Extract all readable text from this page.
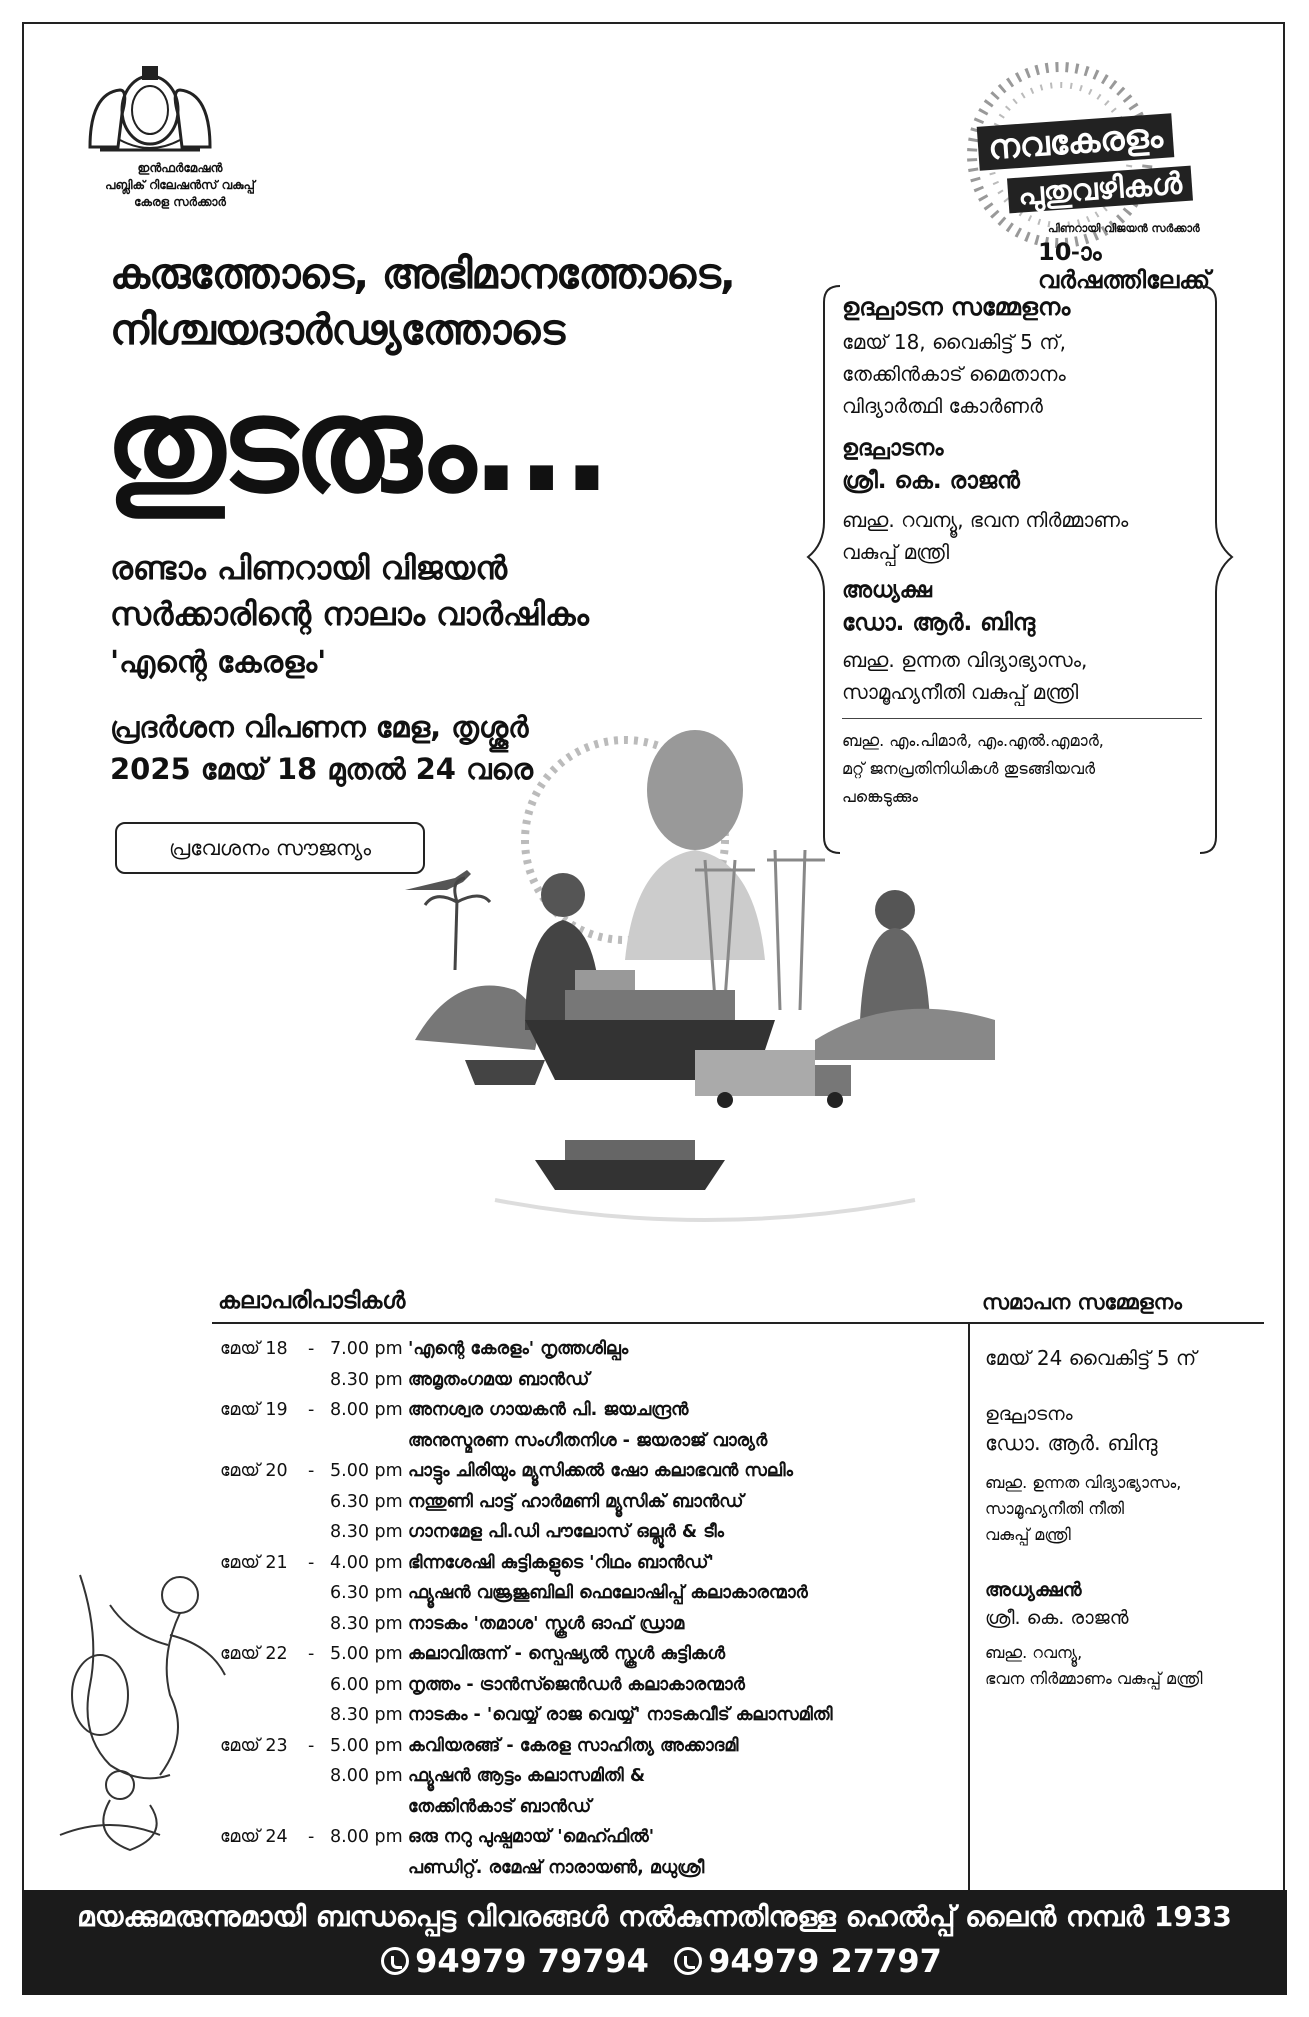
ഇൻഫർമേഷൻ
പബ്ലിക് റിലേഷൻസ് വകുപ്പ്
കേരള സർക്കാർ
നവകേരളം
പുതുവഴികൾ
പിണറായി വിജയൻ സർക്കാർ
10-ാം വർഷത്തിലേക്ക്
കരുത്തോടെ, അഭിമാനത്തോടെ,
നിശ്ചയദാർഢ്യത്തോടെ
തുടരും...
രണ്ടാം പിണറായി വിജയൻ
സർക്കാരിന്റെ നാലാം വാർഷികം
'എന്റെ കേരളം'
പ്രദർശന വിപണന മേള, തൃശ്ശൂർ
2025 മേയ് 18 മുതൽ 24 വരെ
പ്രവേശനം സൗജന്യം

ഉദ്ഘാടന സമ്മേളനം

മേയ് 18, വൈകിട്ട് 5 ന്,

തേക്കിൻകാട് മൈതാനം

വിദ്യാർത്ഥി കോർണർ

ഉദ്ഘാടനം

ശ്രീ. കെ. രാജൻ

ബഹു. റവന്യൂ, ഭവന നിർമ്മാണം

വകുപ്പ് മന്ത്രി

അധ്യക്ഷ

ഡോ. ആർ. ബിന്ദു

ബഹു. ഉന്നത വിദ്യാഭ്യാസം,

സാമൂഹ്യനീതി വകുപ്പ് മന്ത്രി

ബഹു. എം.പിമാർ, എം.എൽ.എമാർ,

മറ്റ് ജനപ്രതിനിധികൾ തുടങ്ങിയവർ

പങ്കെടുക്കും

കലാപരിപാടികൾ
മേയ് 18	- 7.00 pm 'എന്റെ കേരളം' നൃത്തശില്പം
8.30 pm അമൃതംഗമയ ബാൻഡ്
മേയ് 19	- 8.00 pm അനശ്വര ഗായകൻ പി. ജയചന്ദ്രൻ
അനുസ്മരണ സംഗീതനിശ - ജയരാജ് വാര്യർ
മേയ് 20	- 5.00 pm പാട്ടും ചിരിയും മ്യൂസിക്കൽ ഷോ കലാഭവൻ സലിം
6.30 pm നന്തുണി പാട്ട് ഹാർമണി മ്യൂസിക് ബാൻഡ്
8.30 pm ഗാനമേള പി.ഡി പൗലോസ് ഒല്ലൂർ & ടീം
മേയ് 21	- 4.00 pm ഭിന്നശേഷി കുട്ടികളുടെ 'റിഥം ബാൻഡ്'
6.30 pm ഫ്യൂഷൻ വജ്രജൂബിലി ഫെലോഷിപ്പ് കലാകാരന്മാർ
8.30 pm നാടകം 'തമാശ' സ്കൂൾ ഓഫ് ഡ്രാമ
മേയ് 22	- 5.00 pm കലാവിരുന്ന് - സ്പെഷ്യൽ സ്കൂൾ കുട്ടികൾ
6.00 pm നൃത്തം - ട്രാൻസ്ജെൻഡർ കലാകാരന്മാർ
8.30 pm നാടകം - 'വെയ്യ് രാജ വെയ്യ്' നാടകവീട് കലാസമിതി
മേയ് 23	- 5.00 pm കവിയരങ്ങ് - കേരള സാഹിത്യ അക്കാദമി
8.00 pm ഫ്യൂഷൻ ആട്ടം കലാസമിതി &
തേക്കിൻകാട് ബാൻഡ്
മേയ് 24	- 8.00 pm ഒരു നറു പുഷ്പമായ് 'മെഹ്ഫിൽ'
പണ്ഡിറ്റ്. രമേഷ് നാരായൺ, മധുശ്രീ
സമാപന സമ്മേളനം

മേയ് 24 വൈകിട്ട് 5 ന്

ഉദ്ഘാടനം

ഡോ. ആർ. ബിന്ദു

ബഹു. ഉന്നത വിദ്യാഭ്യാസം,
സാമൂഹ്യനീതി നീതി
വകുപ്പ് മന്ത്രി

അധ്യക്ഷൻ

ശ്രീ. കെ. രാജൻ

ബഹു. റവന്യൂ,
ഭവന നിർമ്മാണം വകുപ്പ് മന്ത്രി

മയക്കുമരുന്നുമായി ബന്ധപ്പെട്ട വിവരങ്ങൾ നൽകുന്നതിനുള്ള ഹെൽപ്പ് ലൈൻ നമ്പർ 1933
94979 79794 94979 27797
